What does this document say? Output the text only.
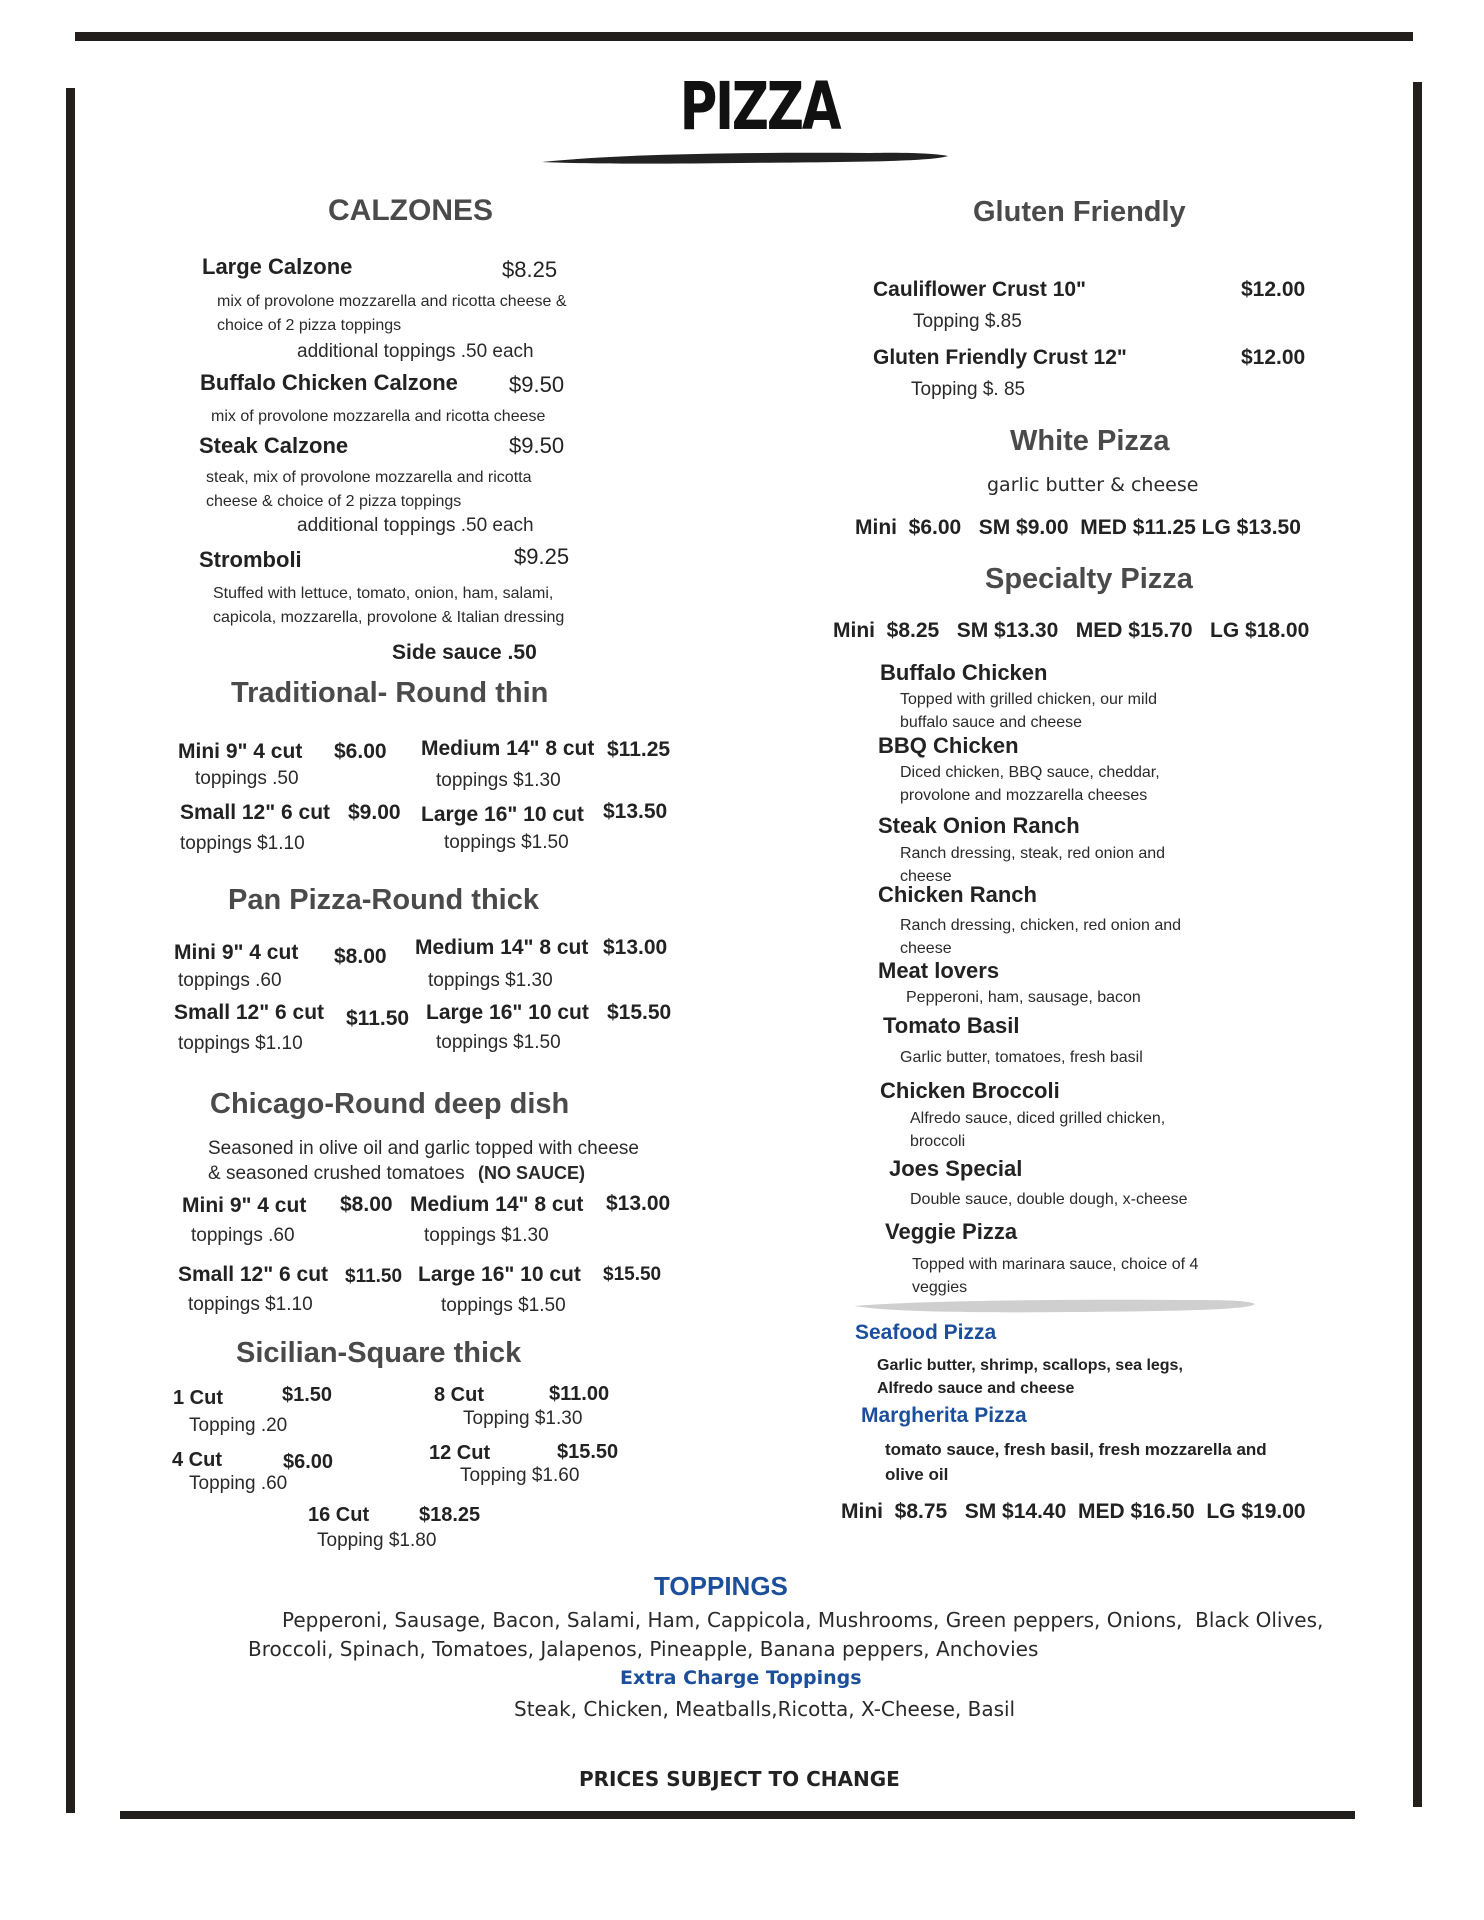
PIZZA
CALZONES
Large Calzone	$8.25
mix of provolone mozzarella and ricotta cheese &
choice of 2 pizza toppings
additional toppings .50 each
Buffalo Chicken Calzone $9.50
mix of provolone mozzarella and ricotta cheese
Steak Calzone	$9.50
steak, mix of provolone mozzarella and ricotta
cheese & choice of 2 pizza toppings
additional toppings .50 each
Stromboli	$9.25
Stuffed with lettuce, tomato, onion, ham, salami,
capicola, mozzarella, provolone & Italian dressing
Side sauce .50
Traditional- Round thin
Mini 9" 4 cut $6.00
toppings .50
Medium 14" 8 cut $11.25
toppings $1.30
Small 12" 6 cut $9.00
toppings $1.10
Large 16" 10 cut $13.50
toppings $1.50
Pan Pizza-Round thick
Mini 9" 4 cut $8.00
toppings .60
Medium 14" 8 cut $13.00
toppings $1.30
Small 12" 6 cut $11.50
toppings $1.10
Large 16" 10 cut $15.50
toppings $1.50
Chicago-Round deep dish
Seasoned in olive oil and garlic topped with cheese
& seasoned crushed tomatoes (NO SAUCE)
Mini 9" 4 cut $8.00
toppings .60
Medium 14" 8 cut $13.00
toppings $1.30
Small 12" 6 cut $11.50
toppings $1.10
Large 16" 10 cut $15.50
toppings $1.50
Sicilian-Square thick
1 Cut	$1.50
Topping .20
8 Cut	$11.00
Topping $1.30
4 Cut	$6.00
Topping .60
12 Cut	$15.50
Topping $1.60
16 Cut $18.25
Topping $1.80
Gluten Friendly
Cauliflower Crust 10"	$12.00
Topping $.85
Gluten Friendly Crust 12"	$12.00
Topping $. 85
White Pizza
garlic butter & cheese
Mini  $6.00   SM $9.00  MED $11.25 LG $13.50
Specialty Pizza
Mini  $8.25   SM $13.30   MED $15.70   LG $18.00
Buffalo Chicken
Topped with grilled chicken, our mild
buffalo sauce and cheese
BBQ Chicken
Diced chicken, BBQ sauce, cheddar,
provolone and mozzarella cheeses
Steak Onion Ranch
Ranch dressing, steak, red onion and
cheese
Chicken Ranch
Ranch dressing, chicken, red onion and
cheese
Meat lovers
Pepperoni, ham, sausage, bacon
Tomato Basil
Garlic butter, tomatoes, fresh basil
Chicken Broccoli
Alfredo sauce, diced grilled chicken,
broccoli
Joes Special
Double sauce, double dough, x-cheese
Veggie Pizza
Topped with marinara sauce, choice of 4
veggies
Seafood Pizza
Garlic butter, shrimp, scallops, sea legs,
Alfredo sauce and cheese
Margherita Pizza
tomato sauce, fresh basil, fresh mozzarella and
olive oil
Mini  $8.75   SM $14.40  MED $16.50  LG $19.00
TOPPINGS
Pepperoni, Sausage, Bacon, Salami, Ham, Cappicola, Mushrooms, Green peppers, Onions,  Black Olives,
Broccoli, Spinach, Tomatoes, Jalapenos, Pineapple, Banana peppers, Anchovies
Extra Charge Toppings
Steak, Chicken, Meatballs,Ricotta, X-Cheese, Basil
PRICES SUBJECT TO CHANGE
